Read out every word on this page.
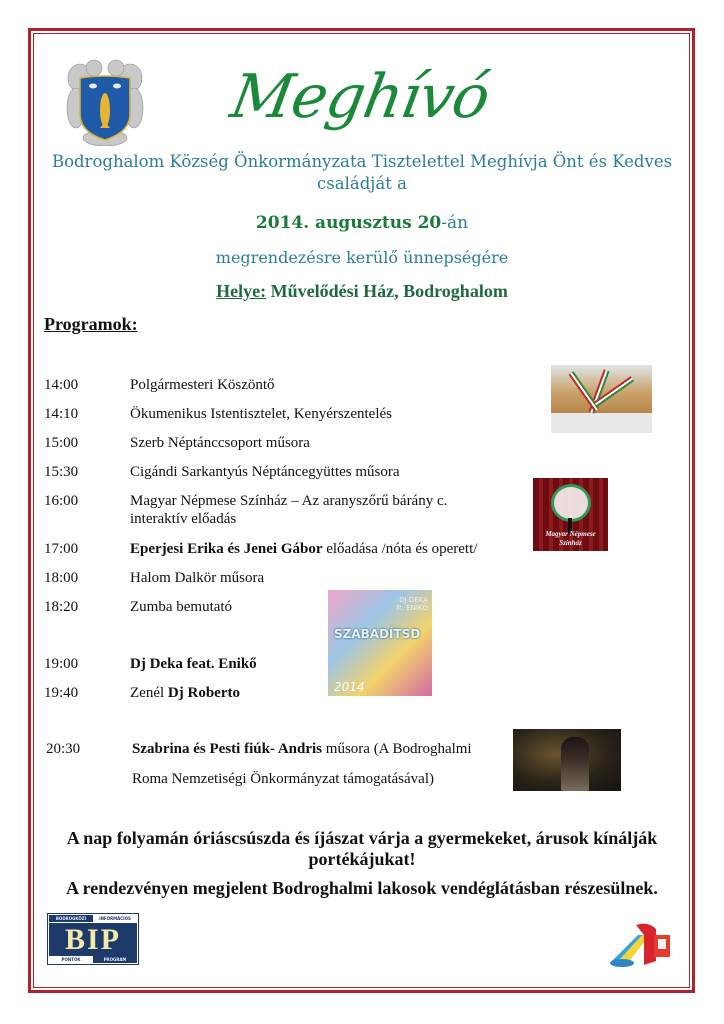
Meghívó
Bodroghalom Község Önkormányzata Tisztelettel Meghívja Önt és Kedves
családját a
2014. augusztus 20-án
megrendezésre kerülő ünnepségére
Helye: Művelődési Ház, Bodroghalom
Programok:
14:00	Polgármesteri Köszöntő
14:10	Ökumenikus Istentisztelet, Kenyérszentelés
15:00	Szerb Néptánccsoport műsora
15:30	Cigándi Sarkantyús Néptáncegyüttes műsora
16:00	Magyar Népmese Színház – Az aranyszőrű bárány c.
interaktív előadás
17:00	Eperjesi Erika és Jenei Gábor előadása /nóta és operett/
18:00	Halom Dalkör műsora
18:20	Zumba bemutató
19:00	Dj Deka feat. Enikő
19:40	Zenél Dj Roberto
20:30	Szabrina és Pesti fiúk- Andris műsora (A Bodroghalmi
Roma Nemzetiségi Önkormányzat támogatásával)
Magyar Népmese
Színház
DJ DEKA
ft. ENIKŐ
SZABADÍTSD
2014
A nap folyamán óriáscsúszda és íjászat várja a gyermekeket, árusok kínálják
portékájukat!
A rendezvényen megjelent Bodroghalmi lakosok vendéglátásban részesülnek.
BODROGKÖZI	INFORMÁCIÓS
BIP
PONTOK	PROGRAM
